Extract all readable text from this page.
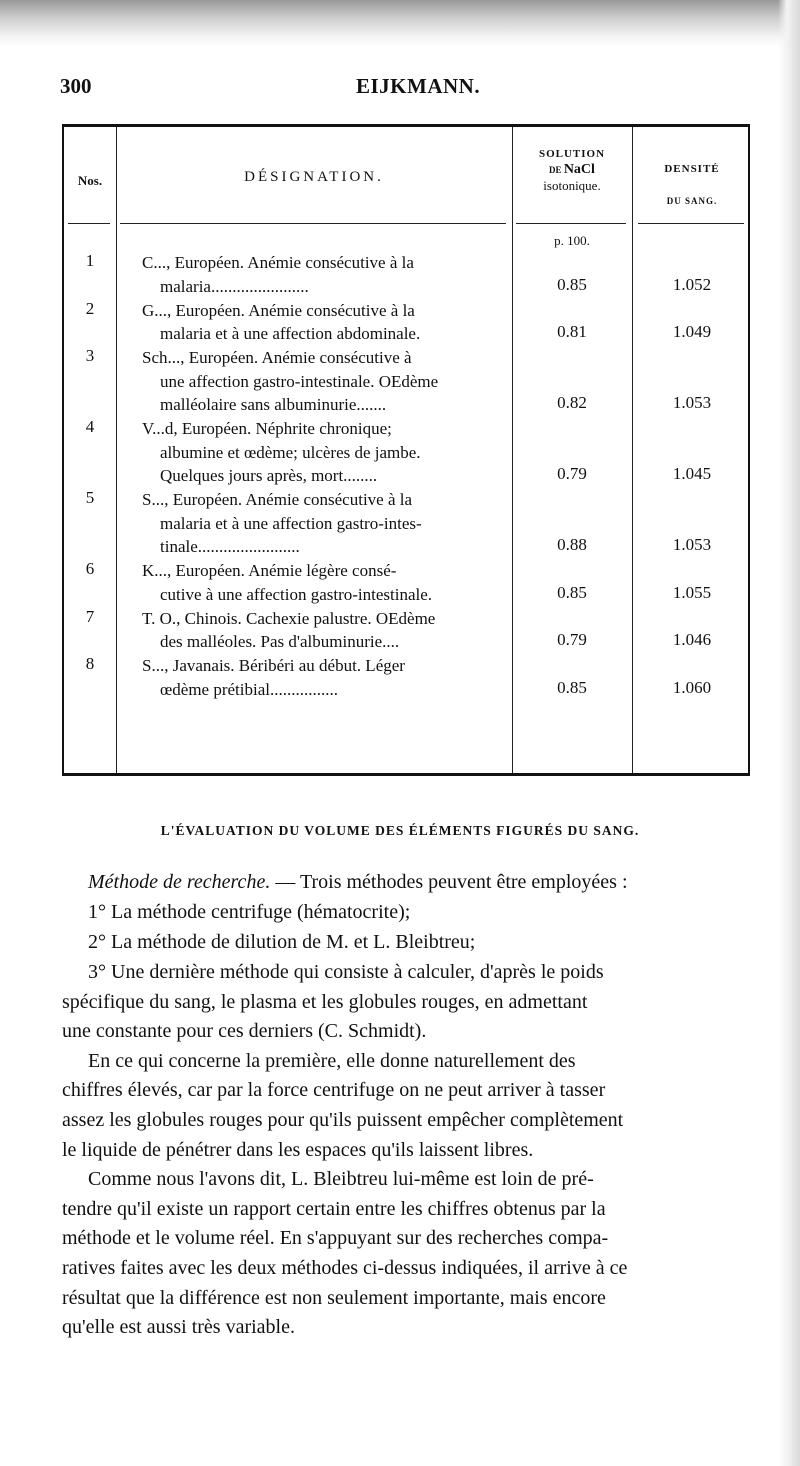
300	EIJKMANN.
Nos.	DÉSIGNATION.
SOLUTION
DE NaCl
isotonique.
DENSITÉ
DU SANG.
p. 100.
1	C..., Européen. Anémie consécutive à la
malaria.......................	0.85	1.052
2	G..., Européen. Anémie consécutive à la
malaria et à une affection abdominale.	0.81	1.049
3	Sch..., Européen. Anémie consécutive à
une affection gastro-intestinale. OEdème
malléolaire sans albuminurie.......	0.82	1.053
4	V...d, Européen. Néphrite chronique;
albumine et œdème; ulcères de jambe.
Quelques jours après, mort........	0.79	1.045
5	S..., Européen. Anémie consécutive à la
malaria et à une affection gastro-intes-
tinale........................	0.88	1.053
6	K..., Européen. Anémie légère consé-
cutive à une affection gastro-intestinale.	0.85	1.055
7	T. O., Chinois. Cachexie palustre. OEdème
des malléoles. Pas d'albuminurie....	0.79	1.046
8	S..., Javanais. Béribéri au début. Léger
œdème prétibial................	0.85	1.060
L'ÉVALUATION DU VOLUME DES ÉLÉMENTS FIGURÉS DU SANG.
Méthode de recherche. — Trois méthodes peuvent être employées :
1° La méthode centrifuge (hématocrite);
2° La méthode de dilution de M. et L. Bleibtreu;
3° Une dernière méthode qui consiste à calculer, d'après le poids
spécifique du sang, le plasma et les globules rouges, en admettant
une constante pour ces derniers (C. Schmidt).
En ce qui concerne la première, elle donne naturellement des
chiffres élevés, car par la force centrifuge on ne peut arriver à tasser
assez les globules rouges pour qu'ils puissent empêcher complètement
le liquide de pénétrer dans les espaces qu'ils laissent libres.
Comme nous l'avons dit, L. Bleibtreu lui-même est loin de pré-
tendre qu'il existe un rapport certain entre les chiffres obtenus par la
méthode et le volume réel. En s'appuyant sur des recherches compa-
ratives faites avec les deux méthodes ci-dessus indiquées, il arrive à ce
résultat que la différence est non seulement importante, mais encore
qu'elle est aussi très variable.
